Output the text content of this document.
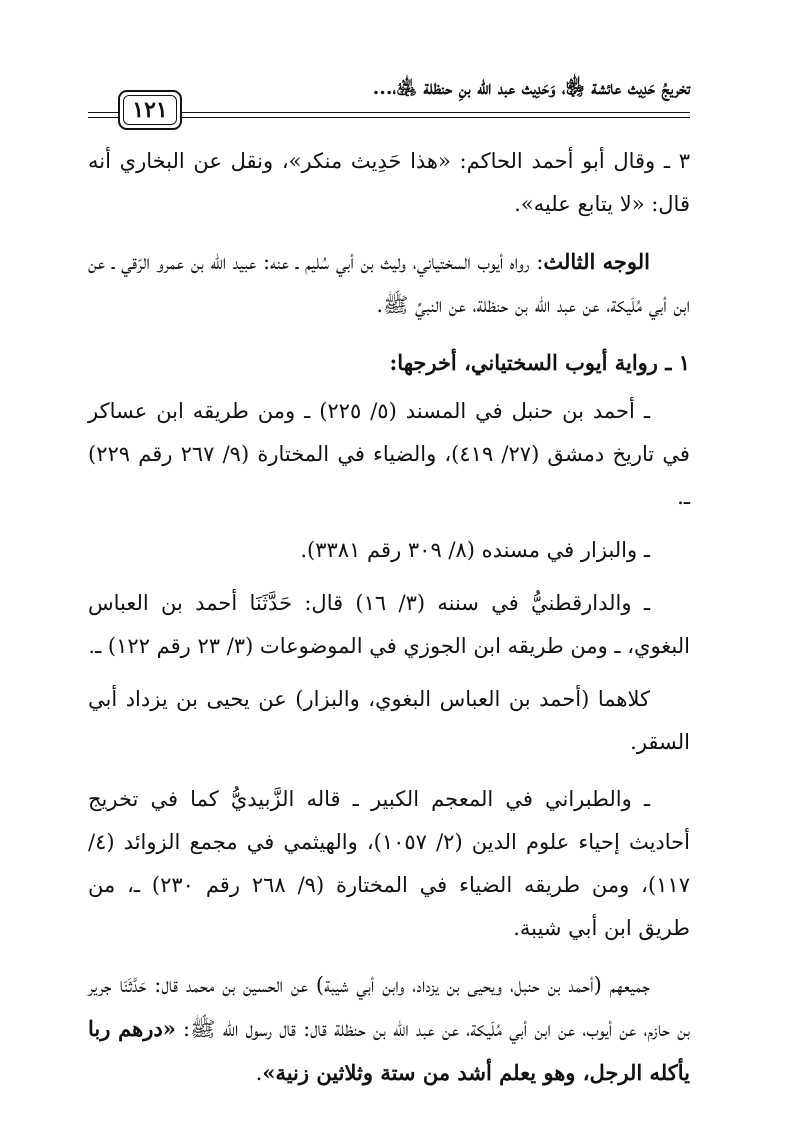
تخريجُ حَدِيث عائشة ﵂، وَحَدِيث عبد الله بنِ حنظلة ﵁،...
١٢١

٣ ـ وقال أبو أحمد الحاكم: «هذا حَدِيث منكر»، ونقل عن البخاري أنه قال: «لا يتابع عليه».

الوجه الثالث: رواه أيوب السختياني، وليث بن أبي سُليم ـ عنه: عبيد الله بن عمرو الرّقي ـ عن ابن أبي مُلَيكة، عن عبد الله بن حنظلة، عن النبيِّ ﷺ.

١ ـ رواية أيوب السختياني، أخرجها:

ـ أحمد بن حنبل في المسند (٥/ ٢٢٥) ـ ومن طريقه ابن عساكر في تاريخ دمشق (٢٧/ ٤١٩)، والضياء في المختارة (٩/ ٢٦٧ رقم ٢٢٩) ـ.

ـ والبزار في مسنده (٨/ ٣٠٩ رقم ٣٣٨١).

ـ والدارقطنيُّ في سننه (٣/ ١٦) قال: حَدَّثَنَا أحمد بن العباس البغوي، ـ ومن طريقه ابن الجوزي في الموضوعات (٣/ ٢٣ رقم ١٢٢) ـ.

كلاهما (أحمد بن العباس البغوي، والبزار) عن يحيى بن يزداد أبي السقر.

ـ والطبراني في المعجم الكبير ـ قاله الزَّبيديُّ كما في تخريج أحاديث إحياء علوم الدين (٢/ ١٠٥٧)، والهيثمي في مجمع الزوائد (٤/ ١١٧)، ومن طريقه الضياء في المختارة (٩/ ٢٦٨ رقم ٢٣٠) ـ، من طريق ابن أبي شيبة.

جميعهم (أحمد بن حنبل، ويحيى بن يزداد، وابن أبي شيبة) عن الحسين بن محمد قال: حَدَّثَنَا جرير بن حازم، عن أيوب، عن ابن أبي مُلَيكة، عن عبد الله بن حنظلة قال: قال رسول الله ﷺ: «درهم ربا يأكله الرجل، وهو يعلم أشد من ستة وثلاثين زنية».
